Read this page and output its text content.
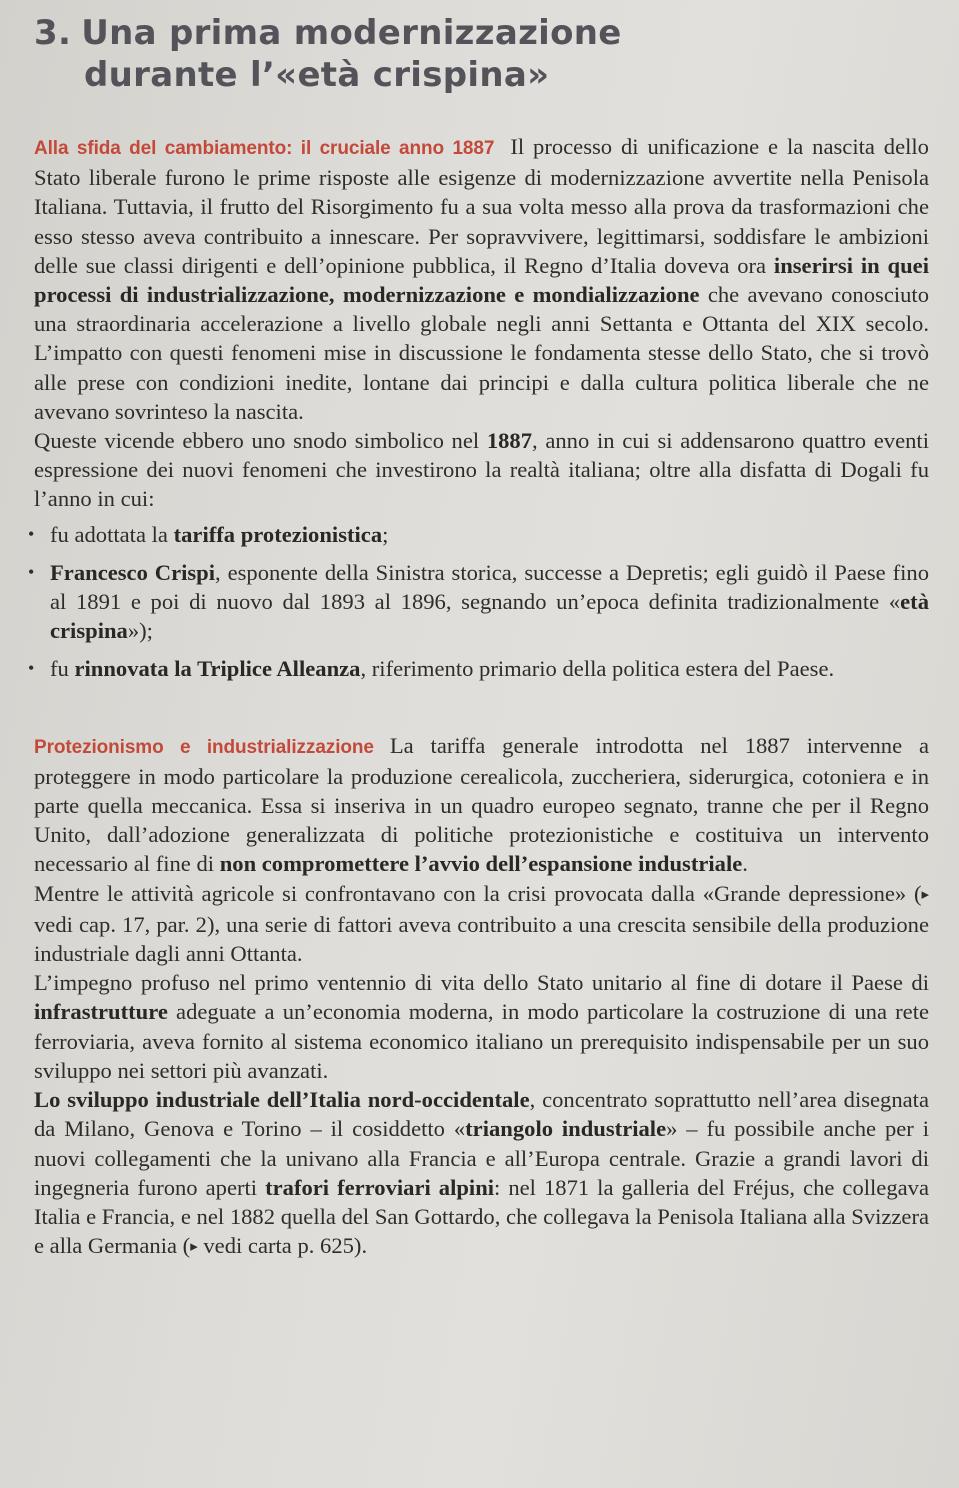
3. Una prima modernizzazione
durante l’«età crispina»

Alla sfida del cambiamento: il cruciale anno 1887 Il processo di unificazione e la nascita dello Stato liberale furono le prime risposte alle esigenze di modernizzazione avvertite nella Penisola Italiana. Tuttavia, il frutto del Risorgimento fu a sua volta messo alla prova da trasformazioni che esso stesso aveva contribuito a innescare. Per sopravvivere, legittimarsi, soddisfare le ambizioni delle sue classi dirigenti e dell’opinione pubblica, il Regno d’Italia doveva ora inserirsi in quei processi di industrializzazione, modernizzazione e mondializzazione che avevano conosciuto una straordinaria accelerazione a livello globale negli anni Settanta e Ottanta del XIX secolo. L’impatto con questi fenomeni mise in discussione le fondamenta stesse dello Stato, che si trovò alle prese con condizioni inedite, lontane dai principi e dalla cultura politica liberale che ne avevano sovrinteso la nascita.

Queste vicende ebbero uno snodo simbolico nel 1887, anno in cui si addensarono quattro eventi espressione dei nuovi fenomeni che investirono la realtà italiana; oltre alla disfatta di Dogali fu l’anno in cui:

• fu adottata la tariffa protezionistica;
• Francesco Crispi, esponente della Sinistra storica, successe a Depretis; egli guidò il Paese fino al 1891 e poi di nuovo dal 1893 al 1896, segnando un’epoca definita tradizionalmente «età crispina»);
• fu rinnovata la Triplice Alleanza, riferimento primario della politica estera del Paese.

Protezionismo e industrializzazione La tariffa generale introdotta nel 1887 intervenne a proteggere in modo particolare la produzione cerealicola, zuccheriera, siderurgica, cotoniera e in parte quella meccanica. Essa si inseriva in un quadro europeo segnato, tranne che per il Regno Unito, dall’adozione generalizzata di politiche protezionistiche e costituiva un intervento necessario al fine di non compromettere l’avvio dell’espansione industriale.

Mentre le attività agricole si confrontavano con la crisi provocata dalla «Grande depressione» (▸ vedi cap. 17, par. 2), una serie di fattori aveva contribuito a una crescita sensibile della produzione industriale dagli anni Ottanta.

L’impegno profuso nel primo ventennio di vita dello Stato unitario al fine di dotare il Paese di infrastrutture adeguate a un’economia moderna, in modo particolare la costruzione di una rete ferroviaria, aveva fornito al sistema economico italiano un prerequisito indispensabile per un suo sviluppo nei settori più avanzati.

Lo sviluppo industriale dell’Italia nord-occidentale, concentrato soprattutto nell’area disegnata da Milano, Genova e Torino – il cosiddetto «triangolo industriale» – fu possibile anche per i nuovi collegamenti che la univano alla Francia e all’Europa centrale. Grazie a grandi lavori di ingegneria furono aperti trafori ferroviari alpini: nel 1871 la galleria del Fréjus, che collegava Italia e Francia, e nel 1882 quella del San Gottardo, che collegava la Penisola Italiana alla Svizzera e alla Germania (▸ vedi carta p. 625).
